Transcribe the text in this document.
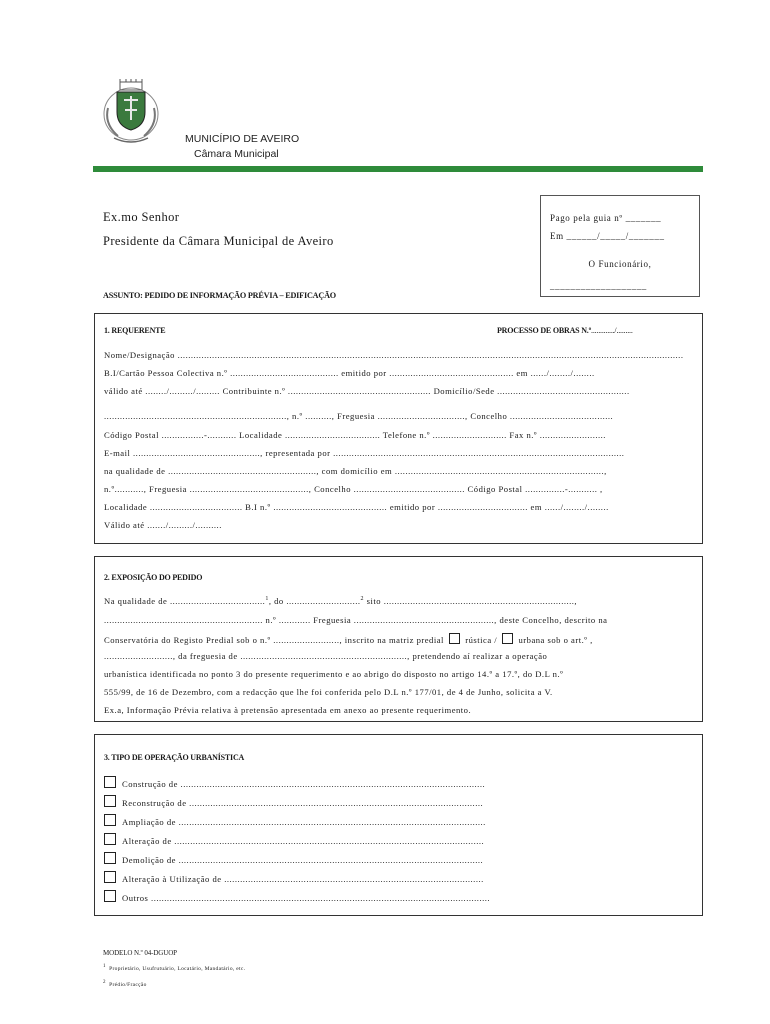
MUNICÍPIO DE AVEIRO
Câmara Municipal
Ex.mo Senhor
Presidente da Câmara Municipal de Aveiro
Pago pela guia nº _______
Em ______/_____/_______
O Funcionário,
___________________
ASSUNTO: PEDIDO DE INFORMAÇÃO PRÉVIA – EDIFICAÇÃO
1. REQUERENTE	PROCESSO DE OBRAS N.º............./.........
Nome/Designação ...............................................................................................................................................................................................
B.I/Cartão Pessoa Colectiva n.º ......................................... emitido por ............................................... em ....../......../........
válido até ......../........./......... Contribuinte n.º ...................................................... Domicílio/Sede ..................................................
....................................................................., n.º .........., Freguesia ................................., Concelho .......................................
Código Postal ................-........... Localidade .................................... Telefone n.º ............................ Fax n.º .........................
E-mail ................................................, representada por ..............................................................................................................
na qualidade de ........................................................, com domicílio em ...............................................................................,
n.º..........., Freguesia ............................................., Concelho .......................................... Código Postal ...............-........... ,
Localidade ................................... B.I n.º ........................................... emitido por .................................. em ....../......../........
Válido até ......./........./..........
2. EXPOSIÇÃO DO PEDIDO
Na qualidade de ....................................$^1$, do ............................$^2$ sito ........................................................................,
............................................................ n.º ............ Freguesia ....................................................., deste Concelho, descrito na
Conservatória do Registo Predial sob o n.º ........................., inscrito na matriz predial  rústica /  urbana sob o art.º ,
.........................., da freguesia de ..............................................................., pretendendo aí realizar a operação
urbanística identificada no ponto 3 do presente requerimento e ao abrigo do disposto no artigo 14.º a 17.º, do D.L n.º
555/99, de 16 de Dezembro, com a redacção que lhe foi conferida pelo D.L n.º 177/01, de 4 de Junho, solicita a V.
Ex.a, Informação Prévia relativa à pretensão apresentada em anexo ao presente requerimento.
3. TIPO DE OPERAÇÃO URBANÍSTICA
Construção de ...................................................................................................................
Reconstrução de ...............................................................................................................
Ampliação de ....................................................................................................................
Alteração de .....................................................................................................................
Demolição de ...................................................................................................................
Alteração à Utilização de ..................................................................................................
Outros ................................................................................................................................
MODELO N.º 04-DGUOP
$^1$ Proprietário, Usufrutuário, Locatário, Mandatário, etc.
$^2$ Prédio/Fracção
